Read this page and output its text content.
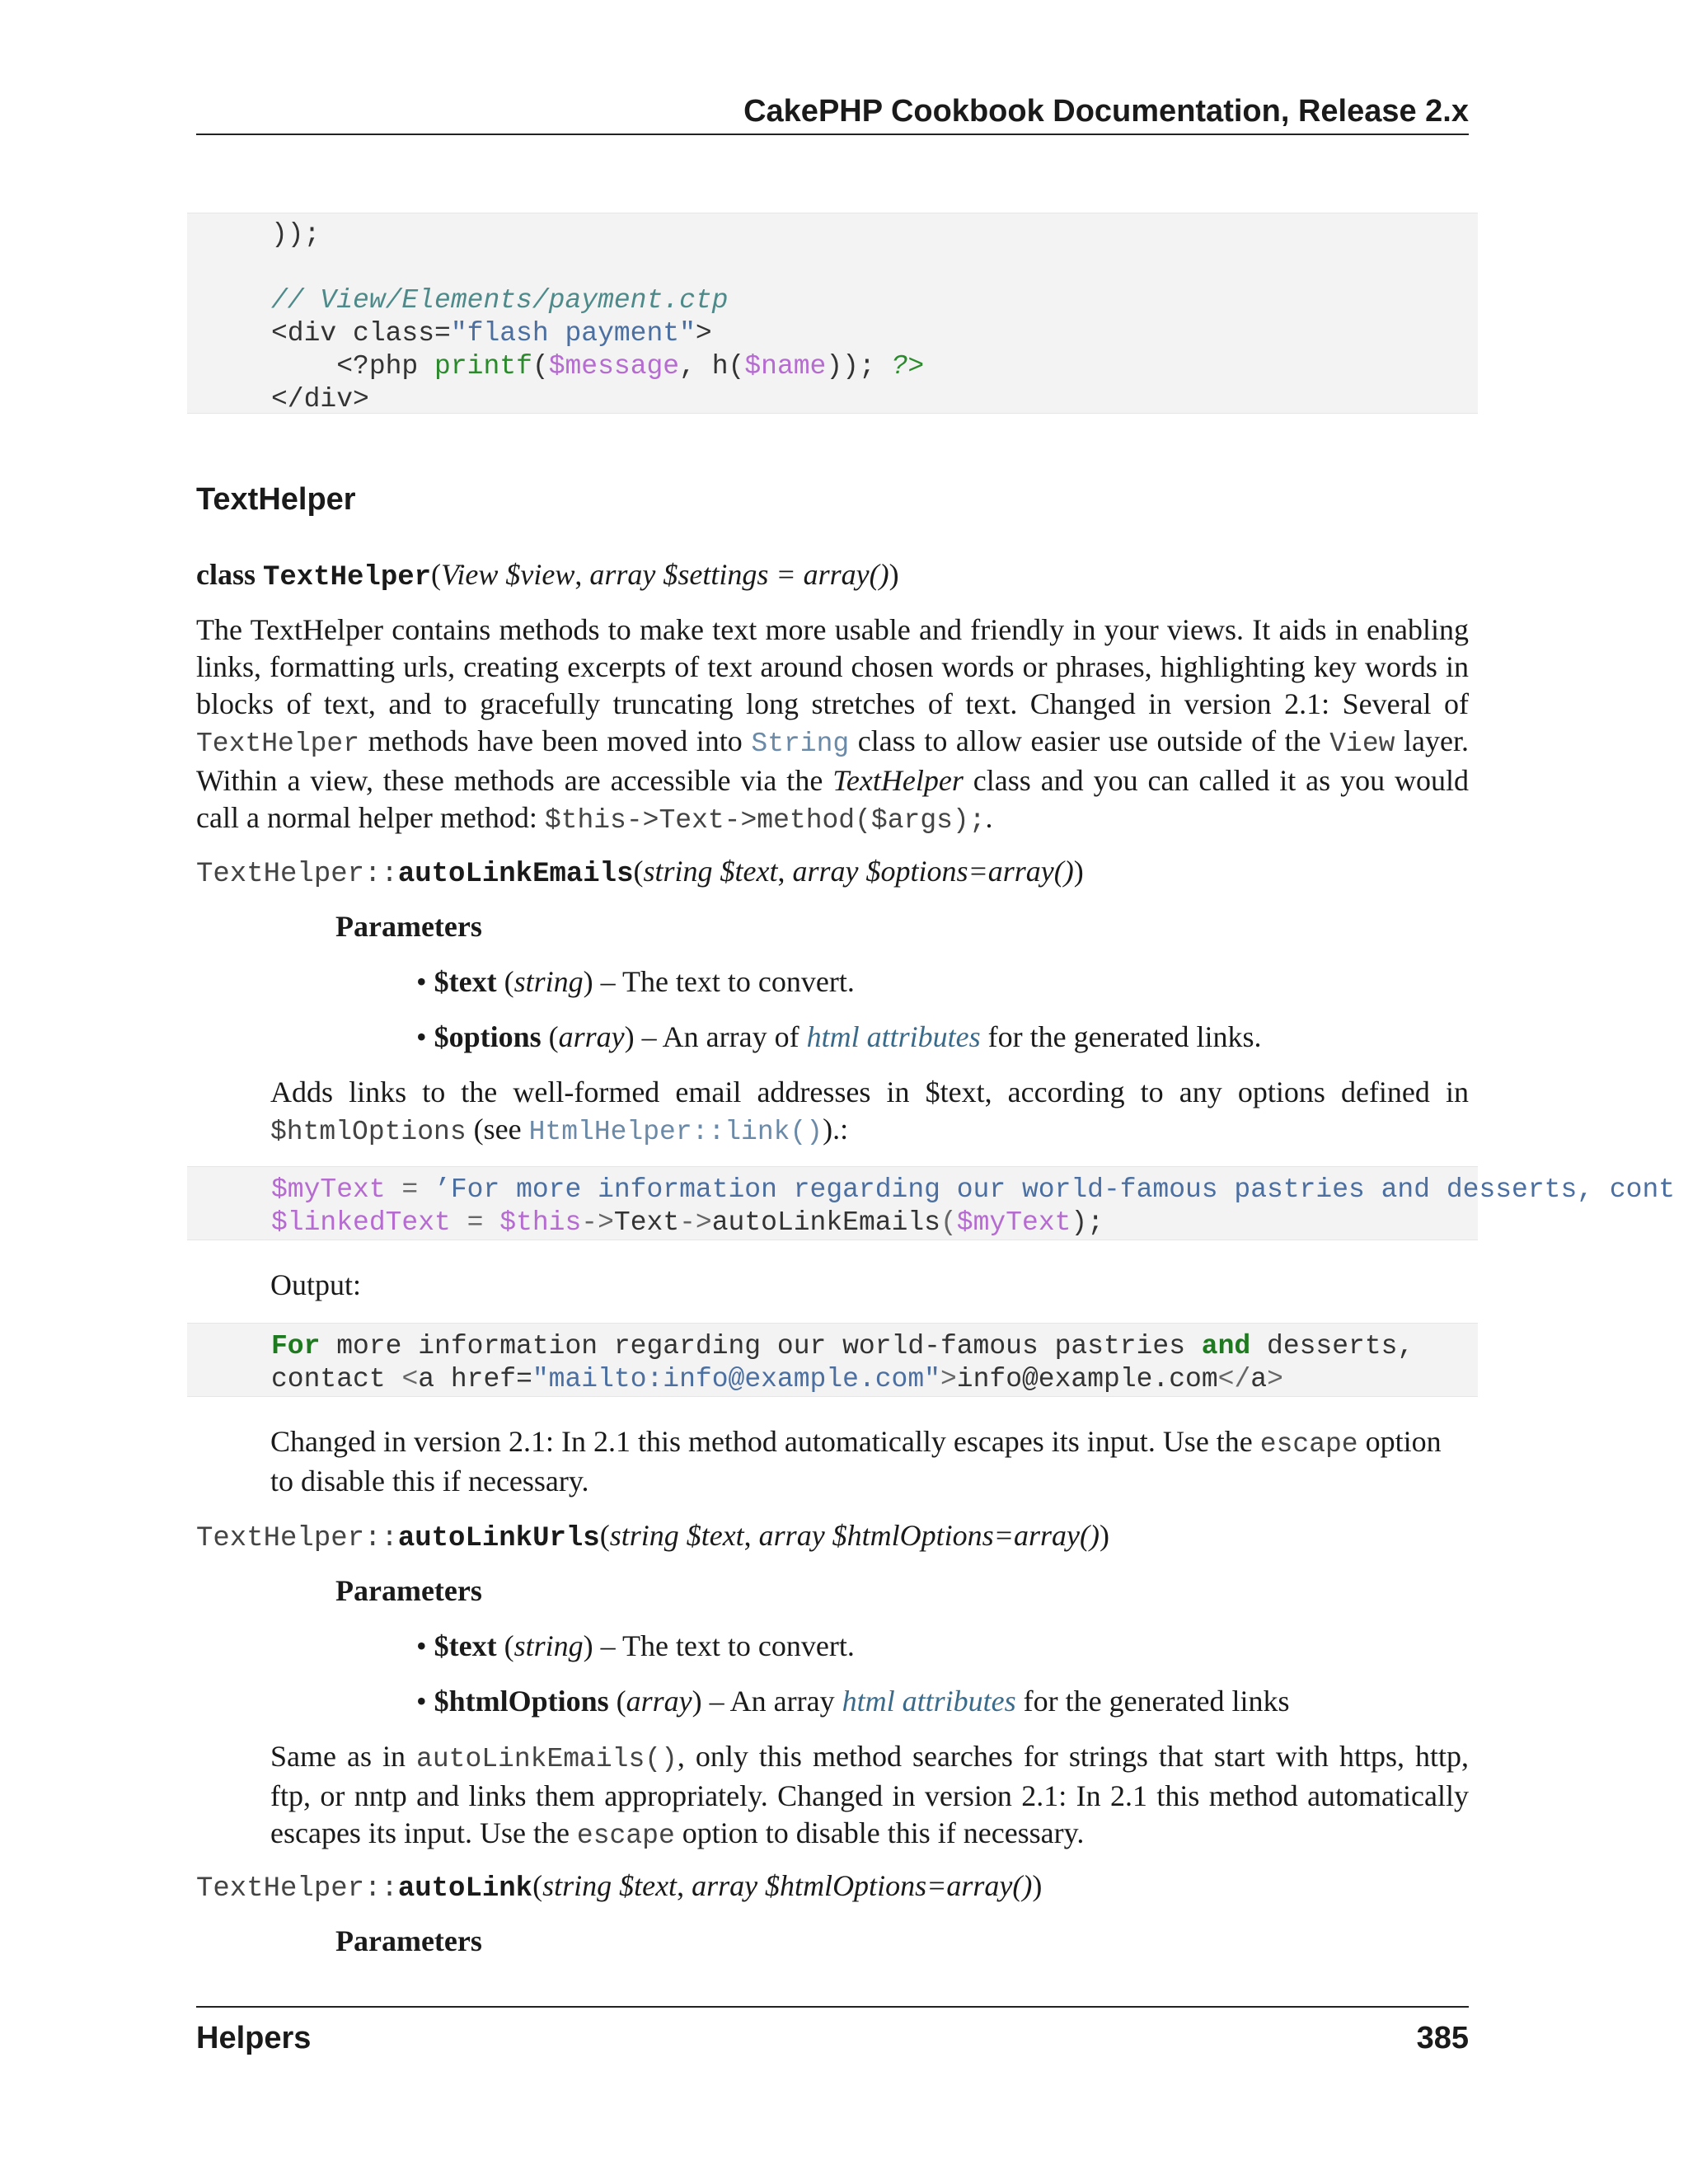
CakePHP Cookbook Documentation, Release 2.x
));

// View/Elements/payment.ctp
<div class="flash payment">
<?php printf($message, h($name)); ?>
</div>
TextHelper
class TextHelper(View $view, array $settings = array())
The TextHelper contains methods to make text more usable and friendly in your views. It aids in enabling links, formatting urls, creating excerpts of text around chosen words or phrases, highlighting key words in blocks of text, and to gracefully truncating long stretches of text. Changed in version 2.1: Several of TextHelper methods have been moved into String class to allow easier use outside of the View layer. Within a view, these methods are accessible via the TextHelper class and you can called it as you would call a normal helper method: $this->Text->method($args);.
TextHelper::autoLinkEmails(string $text, array $options=array())
Parameters
• $text (string) – The text to convert.
• $options (array) – An array of html attributes for the generated links.
Adds links to the well-formed email addresses in $text, according to any options defined in $htmlOptions (see HtmlHelper::link()).:
$myText = ’For more information regarding our world-famous pastries and desserts, cont
$linkedText = $this->Text->autoLinkEmails($myText);
Output:
For more information regarding our world-famous pastries and desserts,
contact <a href="mailto:info@example.com">info@example.com</a>
Changed in version 2.1: In 2.1 this method automatically escapes its input. Use the escape option to disable this if necessary.
TextHelper::autoLinkUrls(string $text, array $htmlOptions=array())
Parameters
• $text (string) – The text to convert.
• $htmlOptions (array) – An array html attributes for the generated links
Same as in autoLinkEmails(), only this method searches for strings that start with https, http, ftp, or nntp and links them appropriately. Changed in version 2.1: In 2.1 this method automatically escapes its input. Use the escape option to disable this if necessary.
TextHelper::autoLink(string $text, array $htmlOptions=array())
Parameters
Helpers	385
